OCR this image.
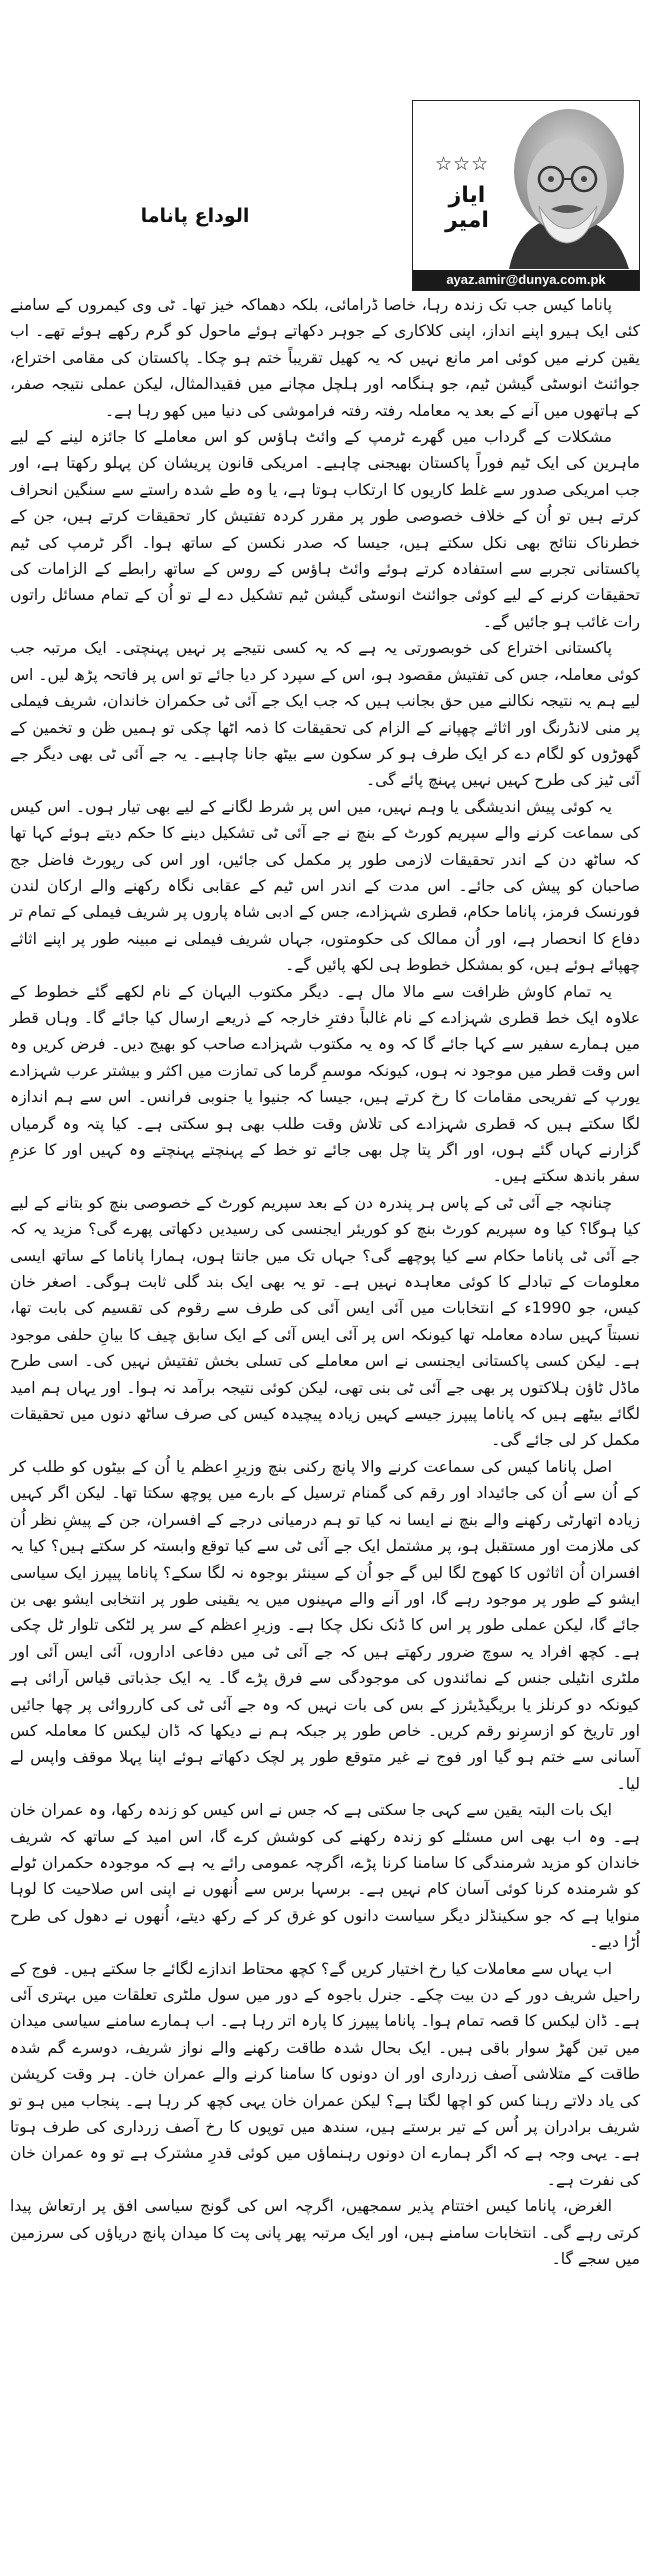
☆☆☆
ایاز امیر
ayaz.amir@dunya.com.pk
الوداع پاناما

پاناما کیس جب تک زندہ رہا، خاصا ڈرامائی، بلکہ دھماکہ خیز تھا۔ ٹی وی کیمروں کے سامنے کئی ایک ہیرو اپنے انداز، اپنی کلاکاری کے جوہر دکھاتے ہوئے ماحول کو گرم رکھے ہوئے تھے۔ اب یقین کرنے میں کوئی امر مانع نہیں کہ یہ کھیل تقریباً ختم ہو چکا۔ پاکستان کی مقامی اختراع، جوائنٹ انوسٹی گیشن ٹیم، جو ہنگامہ اور ہلچل مچانے میں فقیدالمثال، لیکن عملی نتیجہ صفر، کے ہاتھوں میں آنے کے بعد یہ معاملہ رفتہ رفتہ فراموشی کی دنیا میں کھو رہا ہے۔

مشکلات کے گرداب میں گھرے ٹرمپ کے وائٹ ہاؤس کو اس معاملے کا جائزہ لینے کے لیے ماہرین کی ایک ٹیم فوراً پاکستان بھیجنی چاہیے۔ امریکی قانون پریشان کن پہلو رکھتا ہے، اور جب امریکی صدور سے غلط کاریوں کا ارتکاب ہوتا ہے، یا وہ طے شدہ راستے سے سنگین انحراف کرتے ہیں تو اُن کے خلاف خصوصی طور پر مقرر کردہ تفتیش کار تحقیقات کرتے ہیں، جن کے خطرناک نتائج بھی نکل سکتے ہیں، جیسا کہ صدر نکسن کے ساتھ ہوا۔ اگر ٹرمپ کی ٹیم پاکستانی تجربے سے استفادہ کرتے ہوئے وائٹ ہاؤس کے روس کے ساتھ رابطے کے الزامات کی تحقیقات کرنے کے لیے کوئی جوائنٹ انوسٹی گیشن ٹیم تشکیل دے لے تو اُن کے تمام مسائل راتوں رات غائب ہو جائیں گے۔

پاکستانی اختراع کی خوبصورتی یہ ہے کہ یہ کسی نتیجے پر نہیں پہنچتی۔ ایک مرتبہ جب کوئی معاملہ، جس کی تفتیش مقصود ہو، اس کے سپرد کر دیا جائے تو اس پر فاتحہ پڑھ لیں۔ اس لیے ہم یہ نتیجہ نکالنے میں حق بجانب ہیں کہ جب ایک جے آئی ٹی حکمران خاندان، شریف فیملی پر منی لانڈرنگ اور اثاثے چھپانے کے الزام کی تحقیقات کا ذمہ اٹھا چکی تو ہمیں ظن و تخمین کے گھوڑوں کو لگام دے کر ایک طرف ہو کر سکون سے بیٹھ جانا چاہیے۔ یہ جے آئی ٹی بھی دیگر جے آئی ٹیز کی طرح کہیں نہیں پہنچ پائے گی۔

یہ کوئی پیش اندیشگی یا وہم نہیں، میں اس پر شرط لگانے کے لیے بھی تیار ہوں۔ اس کیس کی سماعت کرنے والے سپریم کورٹ کے بنچ نے جے آئی ٹی تشکیل دینے کا حکم دیتے ہوئے کہا تھا کہ ساٹھ دن کے اندر تحقیقات لازمی طور پر مکمل کی جائیں، اور اس کی رپورٹ فاضل جج صاحبان کو پیش کی جائے۔ اس مدت کے اندر اس ٹیم کے عقابی نگاہ رکھنے والے ارکان لندن فورنسک فرمز، پاناما حکام، قطری شہزادے، جس کے ادبی شاہ پاروں پر شریف فیملی کے تمام تر دفاع کا انحصار ہے، اور اُن ممالک کی حکومتوں، جہاں شریف فیملی نے مبینہ طور پر اپنے اثاثے چھپائے ہوئے ہیں، کو بمشکل خطوط ہی لکھ پائیں گے۔

یہ تمام کاوش ظرافت سے مالا مال ہے۔ دیگر مکتوب الیہان کے نام لکھے گئے خطوط کے علاوہ ایک خط قطری شہزادے کے نام غالباً دفترِ خارجہ کے ذریعے ارسال کیا جائے گا۔ وہاں قطر میں ہمارے سفیر سے کہا جائے گا کہ وہ یہ مکتوب شہزادے صاحب کو بھیج دیں۔ فرض کریں وہ اس وقت قطر میں موجود نہ ہوں، کیونکہ موسمِ گرما کی تمازت میں اکثر و بیشتر عرب شہزادے یورپ کے تفریحی مقامات کا رخ کرتے ہیں، جیسا کہ جنیوا یا جنوبی فرانس۔ اس سے ہم اندازہ لگا سکتے ہیں کہ قطری شہزادے کی تلاش وقت طلب بھی ہو سکتی ہے۔ کیا پتہ وہ گرمیاں گزارنے کہاں گئے ہوں، اور اگر پتا چل بھی جائے تو خط کے پہنچتے پہنچتے وہ کہیں اور کا عزمِ سفر باندھ سکتے ہیں۔

چنانچہ جے آئی ٹی کے پاس ہر پندرہ دن کے بعد سپریم کورٹ کے خصوصی بنچ کو بتانے کے لیے کیا ہوگا؟ کیا وہ سپریم کورٹ بنچ کو کوریئر ایجنسی کی رسیدیں دکھاتی پھرے گی؟ مزید یہ کہ جے آئی ٹی پاناما حکام سے کیا پوچھے گی؟ جہاں تک میں جانتا ہوں، ہمارا پاناما کے ساتھ ایسی معلومات کے تبادلے کا کوئی معاہدہ نہیں ہے۔ تو یہ بھی ایک بند گلی ثابت ہوگی۔ اصغر خان کیس، جو 1990ء کے انتخابات میں آئی ایس آئی کی طرف سے رقوم کی تقسیم کی بابت تھا، نسبتاً کہیں سادہ معاملہ تھا کیونکہ اس پر آئی ایس آئی کے ایک سابق چیف کا بیانِ حلفی موجود ہے۔ لیکن کسی پاکستانی ایجنسی نے اس معاملے کی تسلی بخش تفتیش نہیں کی۔ اسی طرح ماڈل ٹاؤن ہلاکتوں پر بھی جے آئی ٹی بنی تھی، لیکن کوئی نتیجہ برآمد نہ ہوا۔ اور یہاں ہم امید لگائے بیٹھے ہیں کہ پاناما پیپرز جیسے کہیں زیادہ پیچیدہ کیس کی صرف ساٹھ دنوں میں تحقیقات مکمل کر لی جائے گی۔

اصل پاناما کیس کی سماعت کرنے والا پانچ رکنی بنچ وزیرِ اعظم یا اُن کے بیٹوں کو طلب کر کے اُن سے اُن کی جائیداد اور رقم کی گمنام ترسیل کے بارے میں پوچھ سکتا تھا۔ لیکن اگر کہیں زیادہ اتھارٹی رکھنے والے بنچ نے ایسا نہ کیا تو ہم درمیانی درجے کے افسران، جن کے پیشِ نظر اُن کی ملازمت اور مستقبل ہو، پر مشتمل ایک جے آئی ٹی سے کیا توقع وابستہ کر سکتے ہیں؟ کیا یہ افسران اُن اثاثوں کا کھوج لگا لیں گے جو اُن کے سینئر بوجوہ نہ لگا سکے؟ پاناما پیپرز ایک سیاسی ایشو کے طور پر موجود رہے گا، اور آنے والے مہینوں میں یہ یقینی طور پر انتخابی ایشو بھی بن جائے گا، لیکن عملی طور پر اس کا ڈنک نکل چکا ہے۔ وزیرِ اعظم کے سر پر لٹکی تلوار ٹل چکی ہے۔ کچھ افراد یہ سوچ ضرور رکھتے ہیں کہ جے آئی ٹی میں دفاعی اداروں، آئی ایس آئی اور ملٹری انٹیلی جنس کے نمائندوں کی موجودگی سے فرق پڑے گا۔ یہ ایک جذباتی قیاس آرائی ہے کیونکہ دو کرنلز یا بریگیڈیئرز کے بس کی بات نہیں کہ وہ جے آئی ٹی کی کارروائی پر چھا جائیں اور تاریخ کو ازسرِنو رقم کریں۔ خاص طور پر جبکہ ہم نے دیکھا کہ ڈان لیکس کا معاملہ کس آسانی سے ختم ہو گیا اور فوج نے غیر متوقع طور پر لچک دکھاتے ہوئے اپنا پہلا موقف واپس لے لیا۔

ایک بات البتہ یقین سے کہی جا سکتی ہے کہ جس نے اس کیس کو زندہ رکھا، وہ عمران خان ہے۔ وہ اب بھی اس مسئلے کو زندہ رکھنے کی کوشش کرے گا، اس امید کے ساتھ کہ شریف خاندان کو مزید شرمندگی کا سامنا کرنا پڑے، اگرچہ عمومی رائے یہ ہے کہ موجودہ حکمران ٹولے کو شرمندہ کرنا کوئی آسان کام نہیں ہے۔ برسہا برس سے اُنھوں نے اپنی اس صلاحیت کا لوہا منوایا ہے کہ جو سکینڈلز دیگر سیاست دانوں کو غرق کر کے رکھ دیتے، اُنھوں نے دھول کی طرح اُڑا دیے۔

اب یہاں سے معاملات کیا رخ اختیار کریں گے؟ کچھ محتاط اندازے لگائے جا سکتے ہیں۔ فوج کے راحیل شریف دور کے دن بیت چکے۔ جنرل باجوہ کے دور میں سول ملٹری تعلقات میں بہتری آئی ہے۔ ڈان لیکس کا قصہ تمام ہوا۔ پاناما پیپرز کا پارہ اتر رہا ہے۔ اب ہمارے سامنے سیاسی میدان میں تین گھڑ سوار باقی ہیں۔ ایک بحال شدہ طاقت رکھنے والے نواز شریف، دوسرے گم شدہ طاقت کے متلاشی آصف زرداری اور ان دونوں کا سامنا کرنے والے عمران خان۔ ہر وقت کرپشن کی یاد دلاتے رہنا کس کو اچھا لگتا ہے؟ لیکن عمران خان یہی کچھ کر رہا ہے۔ پنجاب میں ہو تو شریف برادران پر اُس کے تیر برستے ہیں، سندھ میں توپوں کا رخ آصف زرداری کی طرف ہوتا ہے۔ یہی وجہ ہے کہ اگر ہمارے ان دونوں رہنماؤں میں کوئی قدرِ مشترک ہے تو وہ عمران خان کی نفرت ہے۔

الغرض، پاناما کیس اختتام پذیر سمجھیں، اگرچہ اس کی گونج سیاسی افق پر ارتعاش پیدا کرتی رہے گی۔ انتخابات سامنے ہیں، اور ایک مرتبہ پھر پانی پت کا میدان پانچ دریاؤں کی سرزمین میں سجے گا۔
